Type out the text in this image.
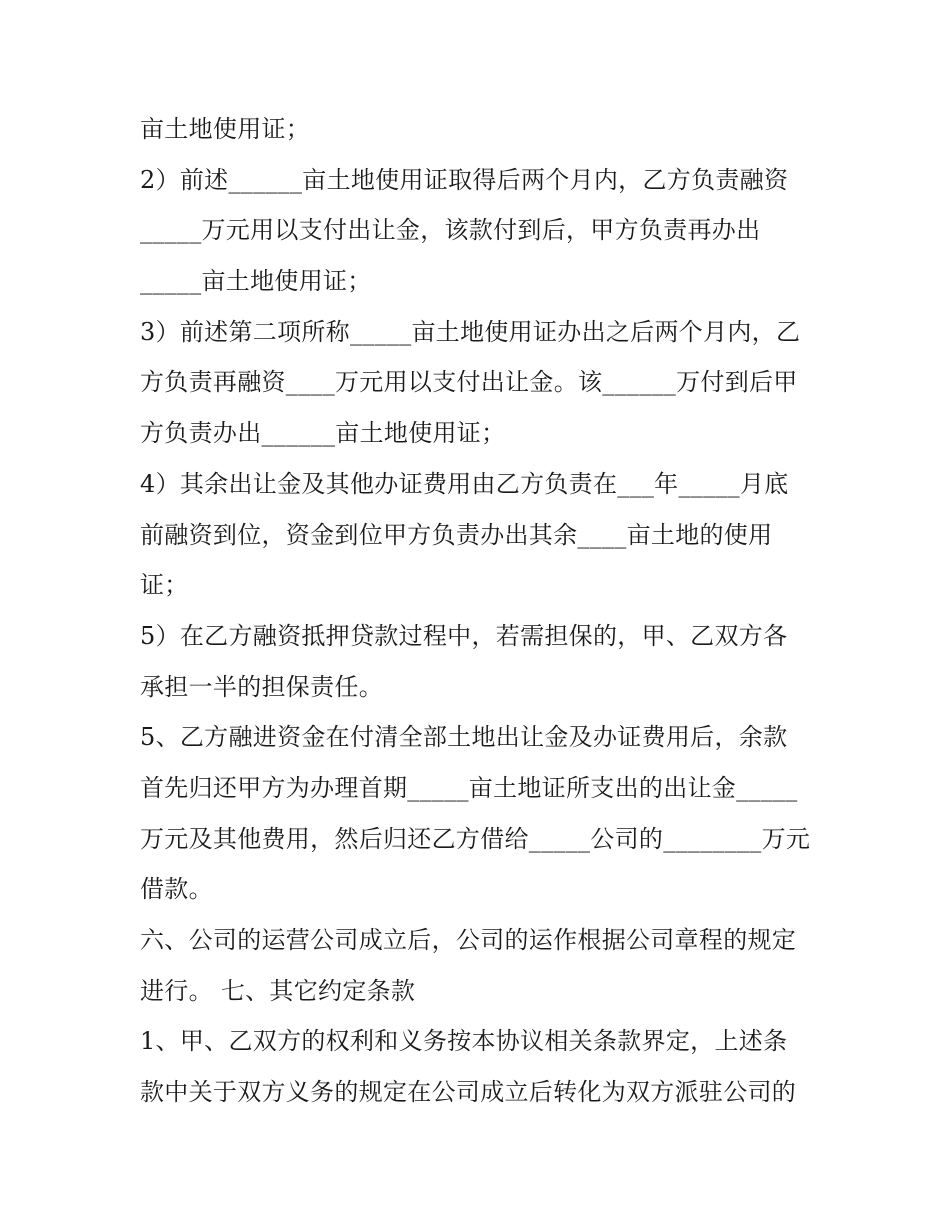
亩土地使用证；
2）前述______亩土地使用证取得后两个月内，乙方负责融资
_____万元用以支付出让金，该款付到后，甲方负责再办出
_____亩土地使用证；
3）前述第二项所称_____亩土地使用证办出之后两个月内，乙
方负责再融资____万元用以支付出让金。该______万付到后甲
方负责办出______亩土地使用证；
4）其余出让金及其他办证费用由乙方负责在___年_____月底
前融资到位，资金到位甲方负责办出其余____亩土地的使用
证；
5）在乙方融资抵押贷款过程中，若需担保的，甲、乙双方各
承担一半的担保责任。
5、乙方融进资金在付清全部土地出让金及办证费用后，余款
首先归还甲方为办理首期_____亩土地证所支出的出让金_____
万元及其他费用，然后归还乙方借给_____公司的________万元
借款。
六、公司的运营公司成立后，公司的运作根据公司章程的规定
进行。 七、其它约定条款
1、甲、乙双方的权利和义务按本协议相关条款界定，上述条
款中关于双方义务的规定在公司成立后转化为双方派驻公司的
